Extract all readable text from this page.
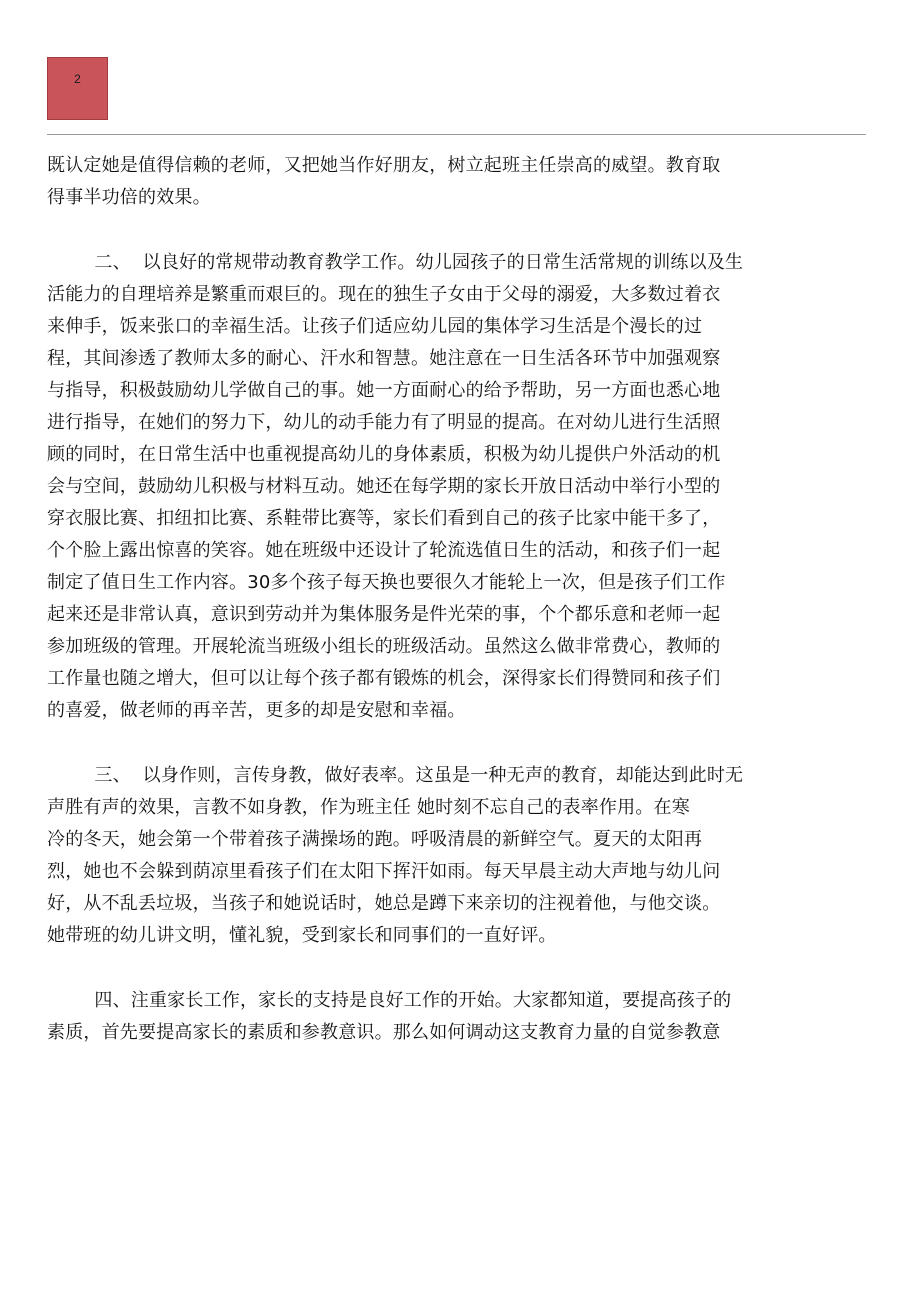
2
既认定她是值得信赖的老师，又把她当作好朋友，树立起班主任崇高的威望。教育取
得事半功倍的效果。
二、  以良好的常规带动教育教学工作。幼儿园孩子的日常生活常规的训练以及生
活能力的自理培养是繁重而艰巨的。现在的独生子女由于父母的溺爱，大多数过着衣
来伸手，饭来张口的幸福生活。让孩子们适应幼儿园的集体学习生活是个漫长的过
程，其间渗透了教师太多的耐心、汗水和智慧。她注意在一日生活各环节中加强观察
与指导，积极鼓励幼儿学做自己的事。她一方面耐心的给予帮助，另一方面也悉心地
进行指导，在她们的努力下，幼儿的动手能力有了明显的提高。在对幼儿进行生活照
顾的同时，在日常生活中也重视提高幼儿的身体素质，积极为幼儿提供户外活动的机
会与空间，鼓励幼儿积极与材料互动。她还在每学期的家长开放日活动中举行小型的
穿衣服比赛、扣纽扣比赛、系鞋带比赛等，家长们看到自己的孩子比家中能干多了，
个个脸上露出惊喜的笑容。她在班级中还设计了轮流选值日生的活动，和孩子们一起
制定了值日生工作内容。30多个孩子每天换也要很久才能轮上一次，但是孩子们工作
起来还是非常认真，意识到劳动并为集体服务是件光荣的事，个个都乐意和老师一起
参加班级的管理。开展轮流当班级小组长的班级活动。虽然这么做非常费心，教师的
工作量也随之增大，但可以让每个孩子都有锻炼的机会，深得家长们得赞同和孩子们
的喜爱，做老师的再辛苦，更多的却是安慰和幸福。
三、  以身作则，言传身教，做好表率。这虽是一种无声的教育，却能达到此时无
声胜有声的效果，言教不如身教，作为班主任 她时刻不忘自己的表率作用。在寒
冷的冬天，她会第一个带着孩子满操场的跑。呼吸清晨的新鲜空气。夏天的太阳再
烈，她也不会躲到荫凉里看孩子们在太阳下挥汗如雨。每天早晨主动大声地与幼儿问
好，从不乱丢垃圾，当孩子和她说话时，她总是蹲下来亲切的注视着他，与他交谈。
她带班的幼儿讲文明，懂礼貌，受到家长和同事们的一直好评。
四、注重家长工作，家长的支持是良好工作的开始。大家都知道，要提高孩子的
素质，首先要提高家长的素质和参教意识。那么如何调动这支教育力量的自觉参教意
